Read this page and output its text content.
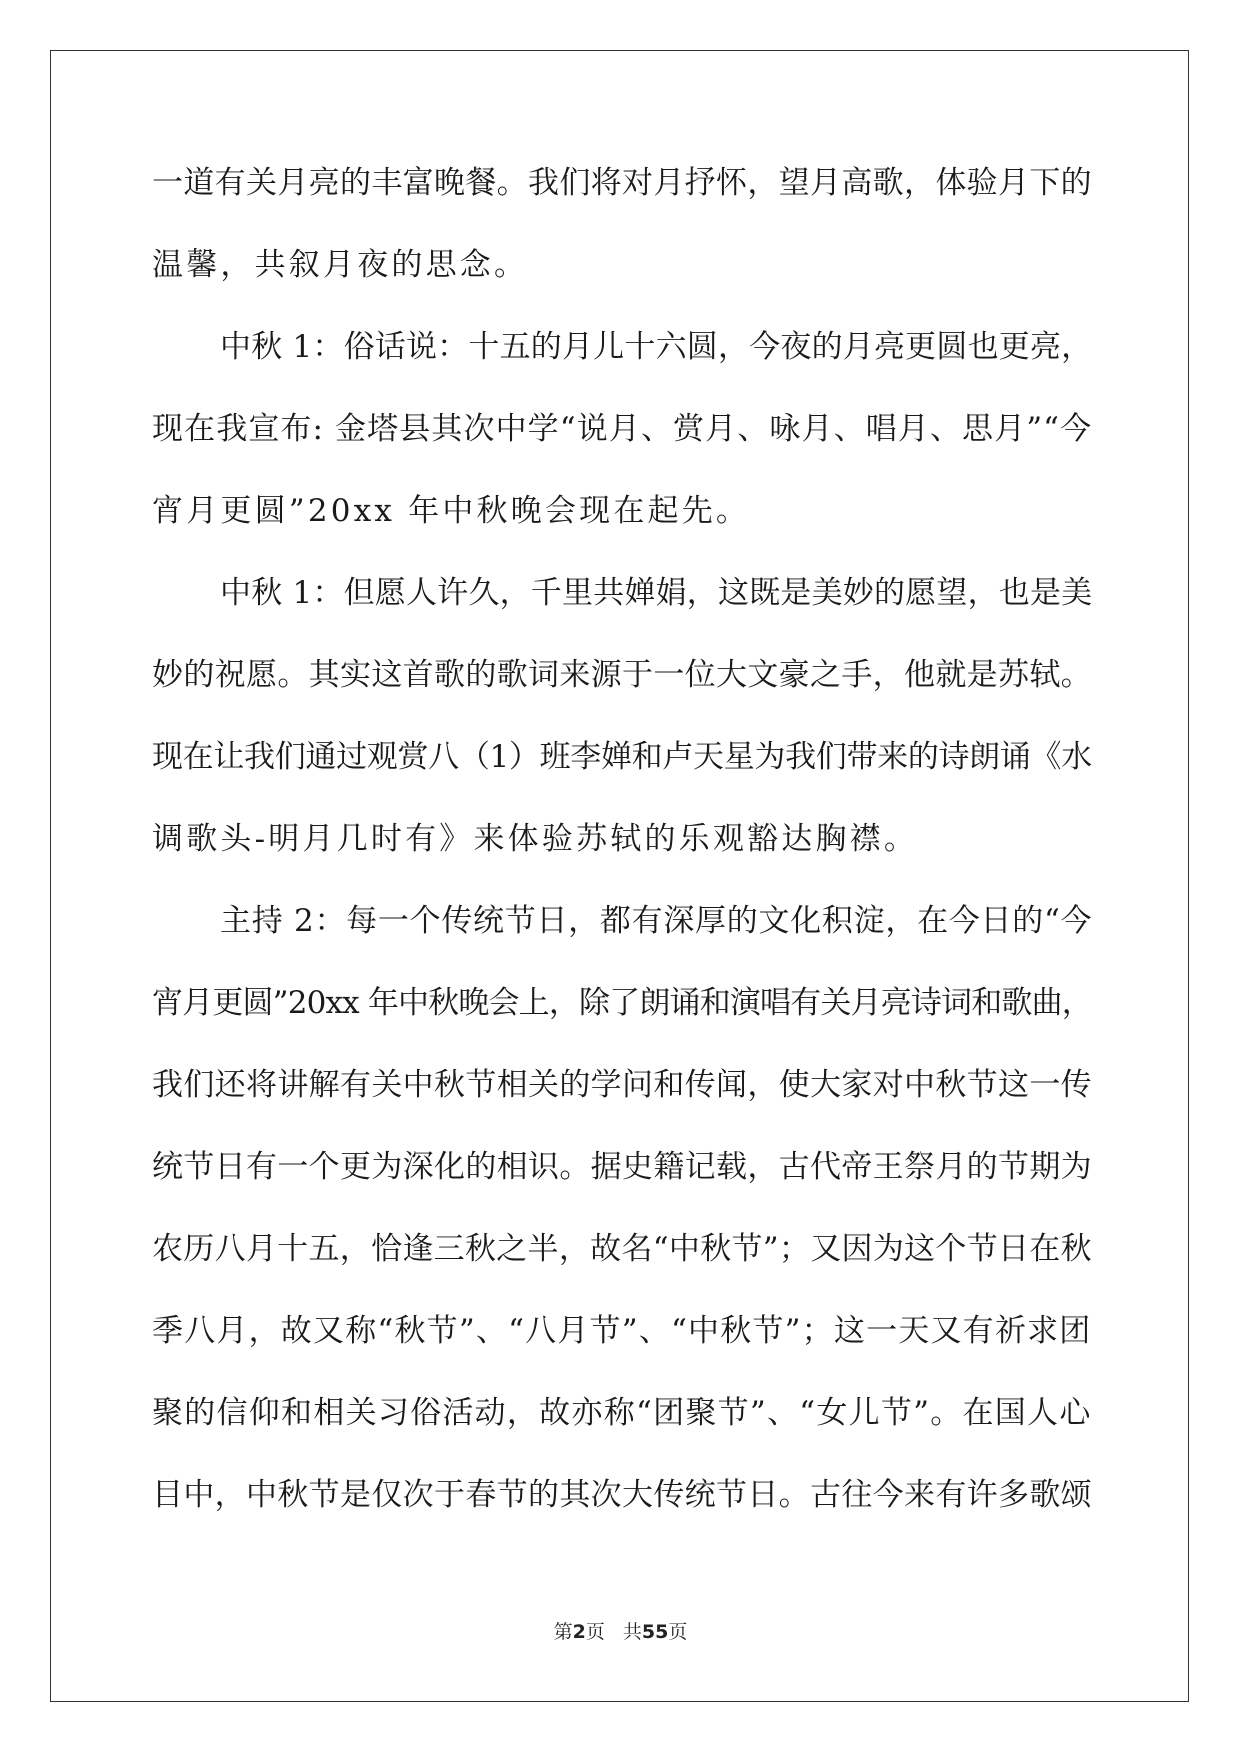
一道有关月亮的丰富晚餐。我们将对月抒怀，望月高歌，体验月下的
温馨，共叙月夜的思念。
中秋 1：俗话说：十五的月儿十六圆，今夜的月亮更圆也更亮，
现在我宣布: 金塔县其次中学“说月、赏月、咏月、唱月、思月”“今
宵月更圆”20xx 年中秋晚会现在起先。
中秋 1：但愿人许久，千里共婵娟，这既是美妙的愿望，也是美
妙的祝愿。其实这首歌的歌词来源于一位大文豪之手，他就是苏轼。
现在让我们通过观赏八（1）班李婵和卢天星为我们带来的诗朗诵《水
调歌头-明月几时有》来体验苏轼的乐观豁达胸襟。
主持 2：每一个传统节日，都有深厚的文化积淀，在今日的“今
宵月更圆”20xx 年中秋晚会上，除了朗诵和演唱有关月亮诗词和歌曲，
我们还将讲解有关中秋节相关的学问和传闻，使大家对中秋节这一传
统节日有一个更为深化的相识。据史籍记载，古代帝王祭月的节期为
农历八月十五，恰逢三秋之半，故名“中秋节”；又因为这个节日在秋
季八月，故又称“秋节”、“八月节”、“中秋节”；这一天又有祈求团
聚的信仰和相关习俗活动，故亦称“团聚节”、“女儿节”。在国人心
目中，中秋节是仅次于春节的其次大传统节日。古往今来有许多歌颂
第2页 共55页
